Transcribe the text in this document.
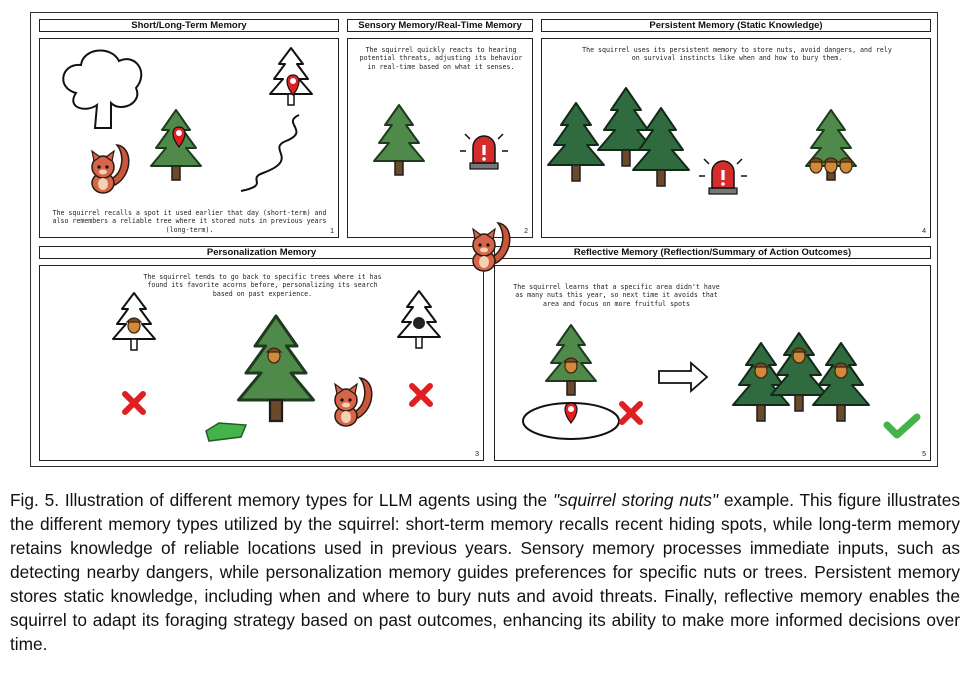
Short/Long-Term Memory	Sensory Memory/Real-Time Memory	Persistent Memory (Static Knowledge)
Personalization Memory	Reflective Memory (Reflection/Summary of Action Outcomes)
The squirrel recalls a spot it used earlier that day (short-term) and also remembers a reliable tree where it stored nuts in previous years (long-term).	1
The squirrel quickly reacts to hearing potential threats, adjusting its behavior in real-time based on what it senses.
2
The squirrel uses its persistent memory to store nuts, avoid dangers, and rely on survival instincts like when and how to bury them.
4
The squirrel tends to go back to specific trees where it has found its favorite acorns before, personalizing its search based on past experience.
3
The squirrel learns that a specific area didn't have as many nuts this year, so next time it avoids that area and focus on more fruitful spots
5
Fig. 5. Illustration of different memory types for LLM agents using the "squirrel storing nuts" example. This figure illustrates the different memory types utilized by the squirrel: short-term memory recalls recent hiding spots, while long-term memory retains knowledge of reliable locations used in previous years. Sensory memory processes immediate inputs, such as detecting nearby dangers, while personalization memory guides preferences for specific nuts or trees. Persistent memory stores static knowledge, including when and where to bury nuts and avoid threats. Finally, reflective memory enables the squirrel to adapt its foraging strategy based on past outcomes, enhancing its ability to make more informed decisions over time.
